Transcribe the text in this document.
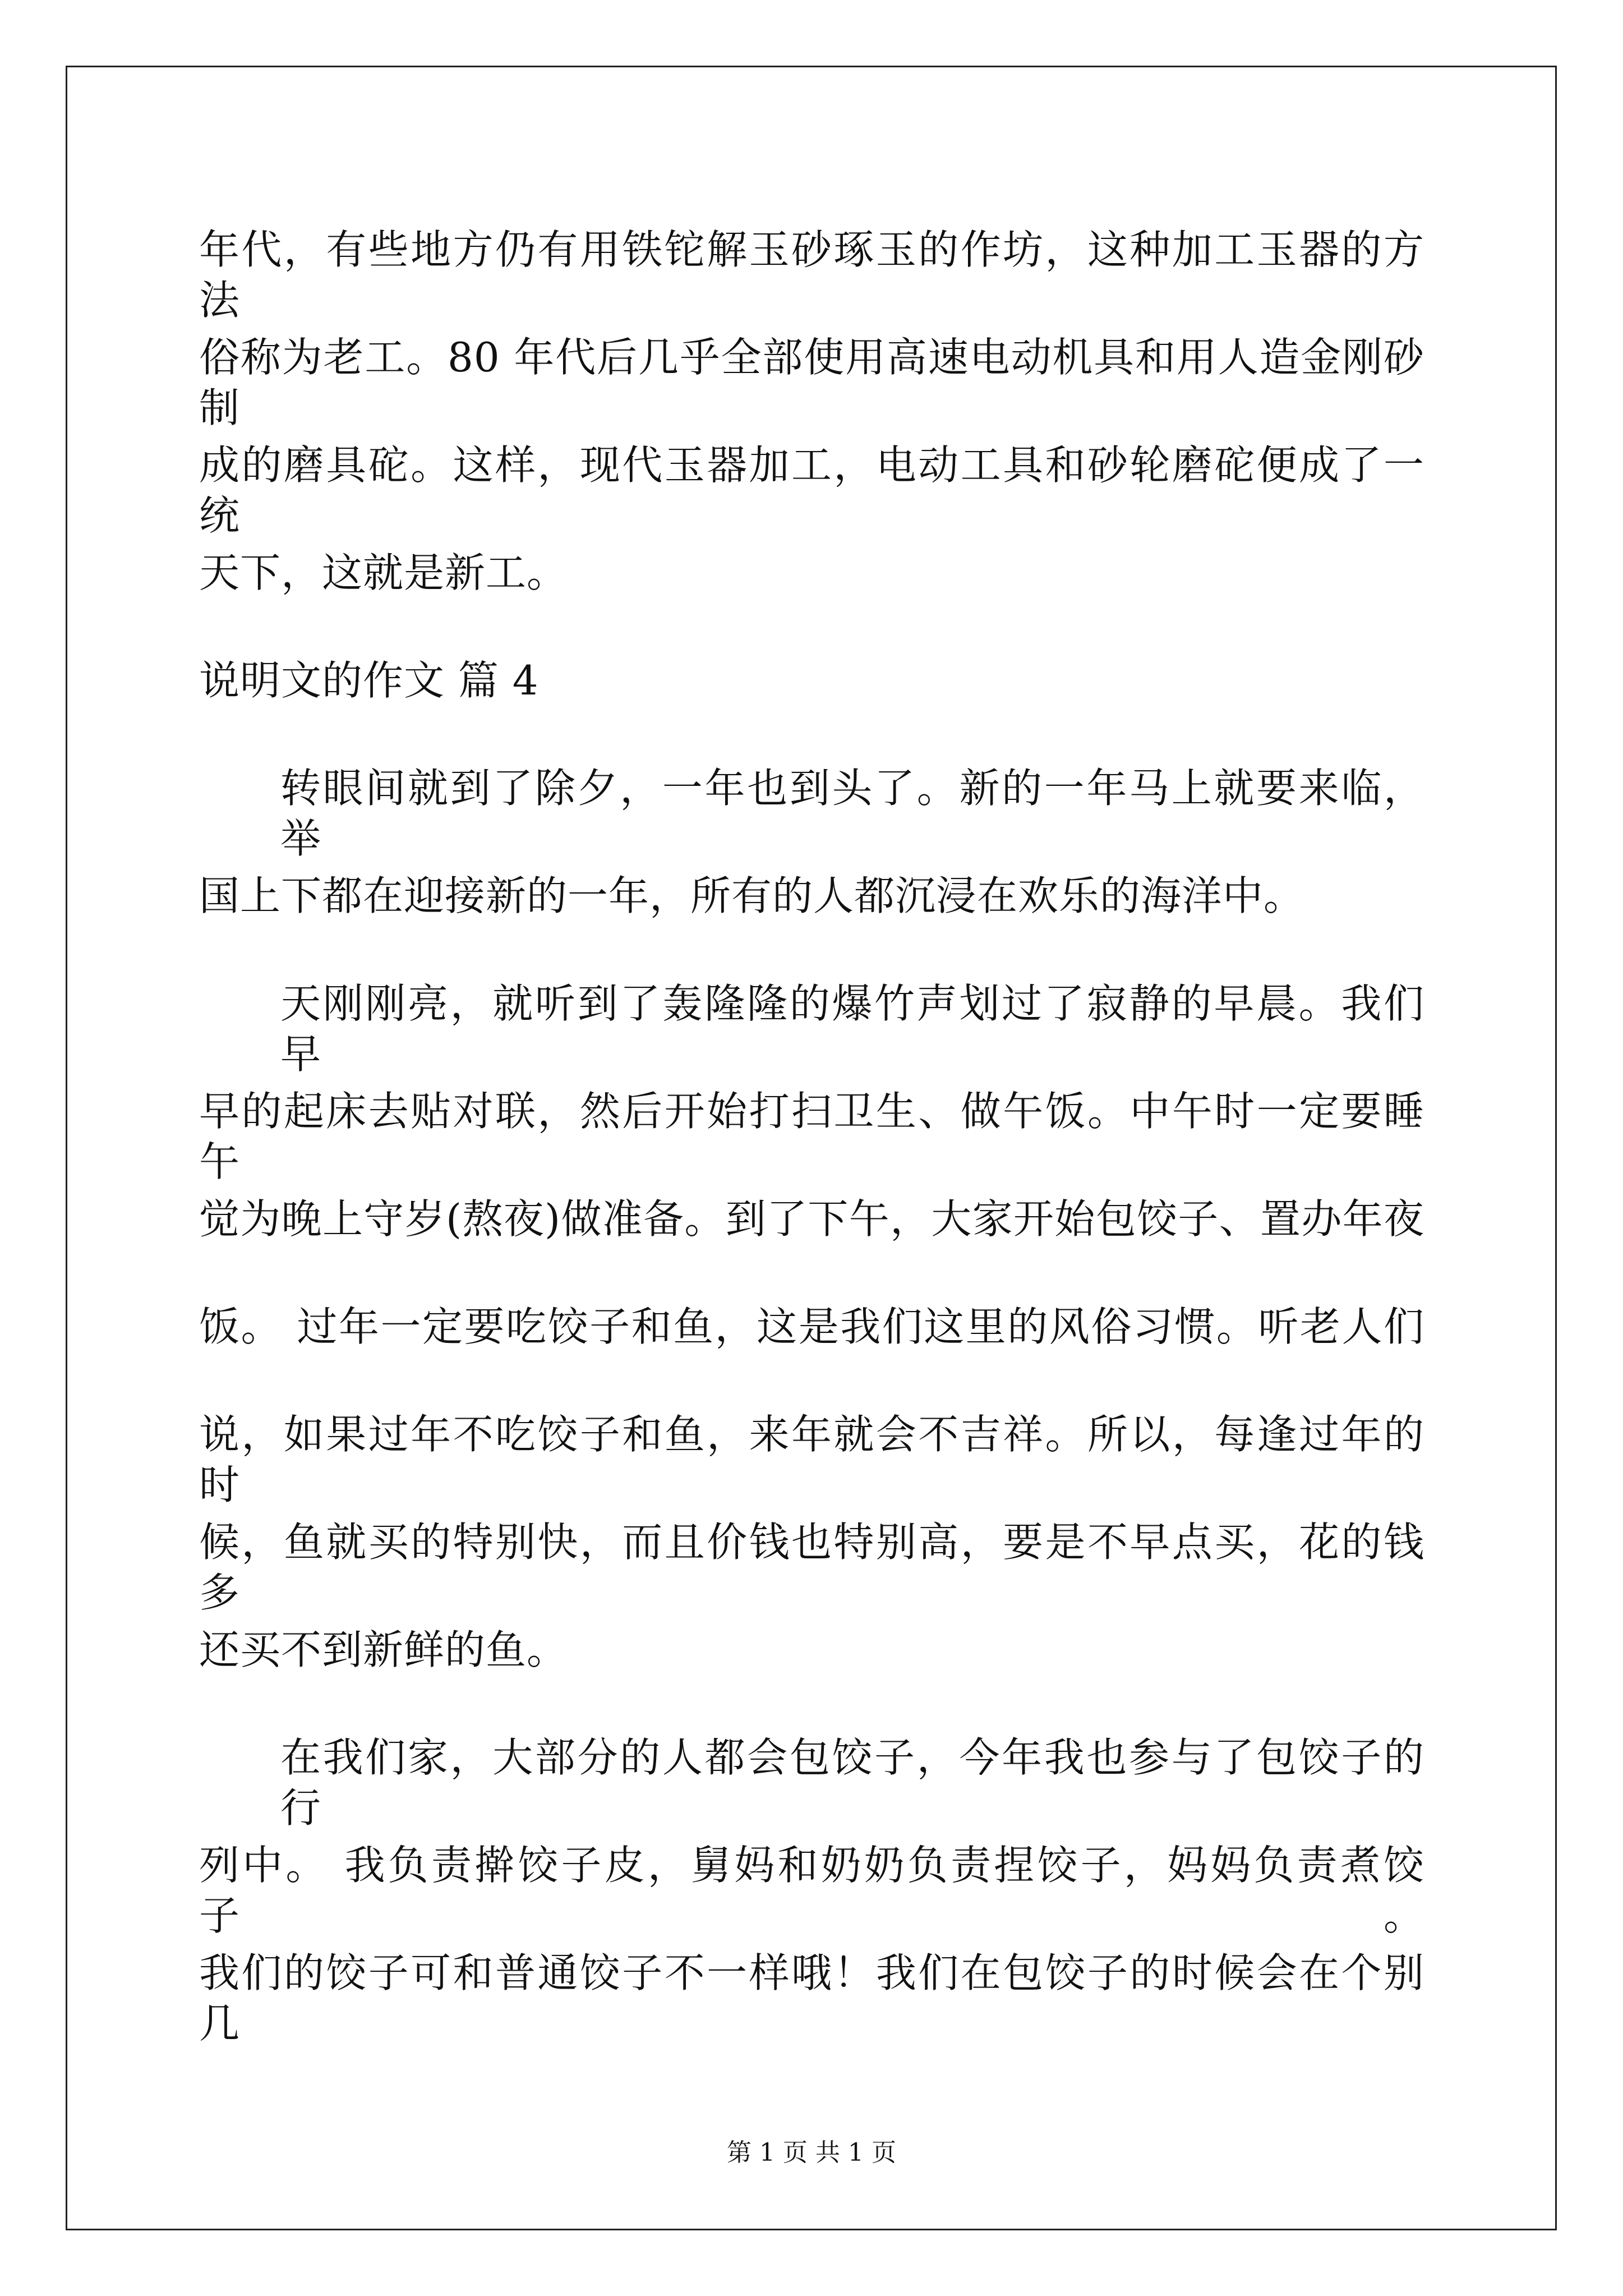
年代，有些地方仍有用铁铊解玉砂琢玉的作坊，这种加工玉器的方法
俗称为老工。80 年代后几乎全部使用高速电动机具和用人造金刚砂制
成的磨具砣。这样，现代玉器加工，电动工具和砂轮磨砣便成了一统
天下，这就是新工。
说明文的作文 篇 4
转眼间就到了除夕，一年也到头了。新的一年马上就要来临，举
国上下都在迎接新的一年，所有的人都沉浸在欢乐的海洋中。
天刚刚亮，就听到了轰隆隆的爆竹声划过了寂静的早晨。我们早
早的起床去贴对联，然后开始打扫卫生、做午饭。中午时一定要睡午
觉为晚上守岁(熬夜)做准备。到了下午，大家开始包饺子、置办年夜
饭。 过年一定要吃饺子和鱼，这是我们这里的风俗习惯。听老人们
说，如果过年不吃饺子和鱼，来年就会不吉祥。所以，每逢过年的时
候，鱼就买的特别快，而且价钱也特别高，要是不早点买，花的钱多
还买不到新鲜的鱼。
在我们家，大部分的人都会包饺子，今年我也参与了包饺子的行
列中。 我负责擀饺子皮，舅妈和奶奶负责捏饺子，妈妈负责煮饺子。
我们的饺子可和普通饺子不一样哦！我们在包饺子的时候会在个别几
第 1 页 共 1 页
